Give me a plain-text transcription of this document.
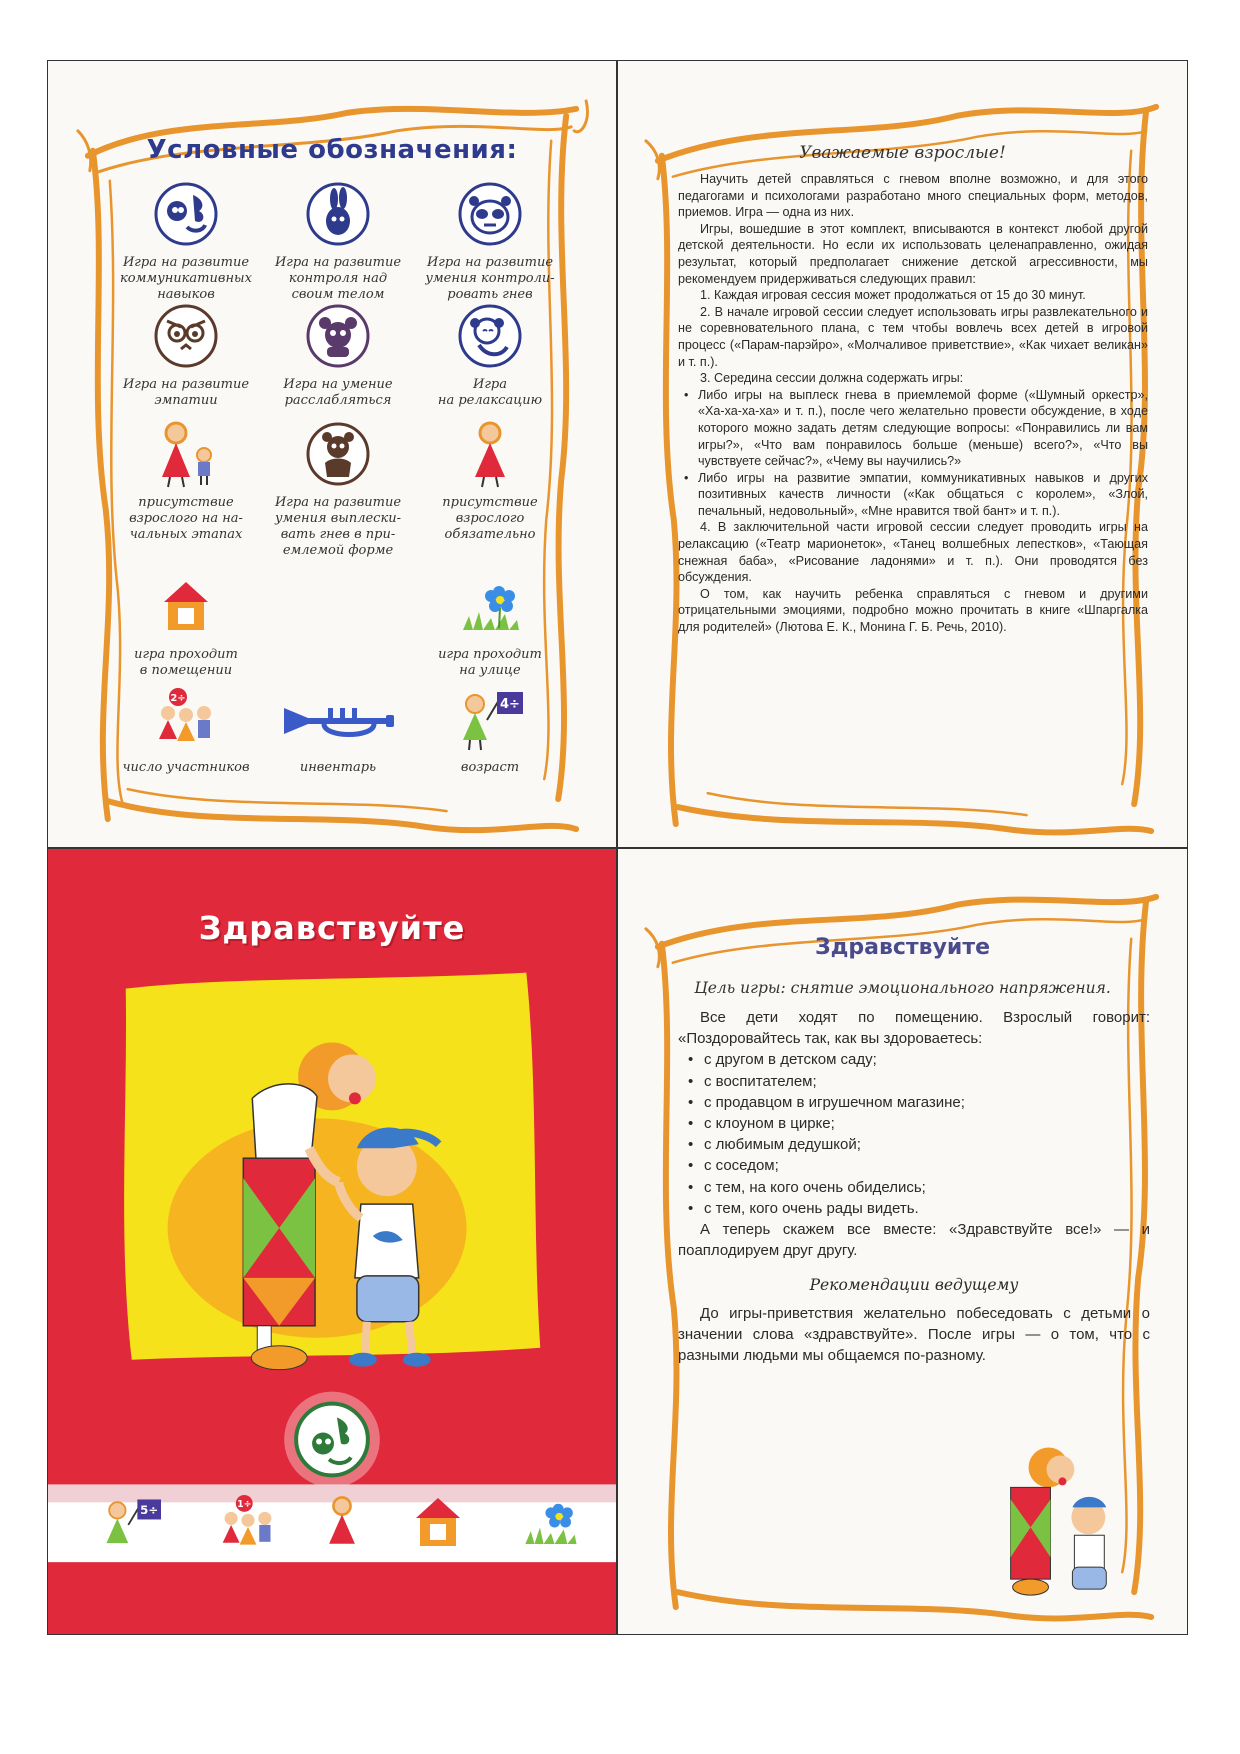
Условные обозначения:
Игра на развитие
коммуникативных
навыков
Игра на развитие
контроля над
своим телом
Игра на развитие
умения контроли-
ровать гнев
Игра на развитие
эмпатии
Игра на умение
расслабляться
Игра
на релаксацию
присутствие
взрослого на на-
чальных этапах
Игра на развитие
умения выплески-
вать гнев в при-
емлемой форме
присутствие
взрослого
обязательно
игра проходит
в помещении
игра проходит
на улице
2÷
число участников	инвентарь
4÷
возраст
Уважаемые взрослые!

Научить детей справляться с гневом вполне возможно, и для этого педагогами и психологами разработано много специальных форм, методов, приемов. Игра — одна из них.

Игры, вошедшие в этот комплект, вписываются в контекст любой другой детской деятельности. Но если их использовать целенаправленно, ожидая результат, который предполагает снижение детской агрессивности, мы рекомендуем придерживаться следующих правил:

1. Каждая игровая сессия может продолжаться от 15 до 30 минут.

2. В начале игровой сессии следует использовать игры развлекательного и не соревновательного плана, с тем чтобы вовлечь всех детей в игровой процесс («Парам-парэйро», «Молчаливое приветствие», «Как чихает великан» и т. п.).

3. Середина сессии должна содержать игры:

• Либо игры на выплеск гнева в приемлемой форме («Шумный оркестр», «Ха-ха-ха-ха» и т. п.), после чего желательно провести обсуждение, в ходе которого можно задать детям следующие вопросы: «Понравились ли вам игры?», «Что вам понравилось больше (меньше) всего?», «Что вы чувствуете сейчас?», «Чему вы научились?»
• Либо игры на развитие эмпатии, коммуникативных навыков и других позитивных качеств личности («Как общаться с королем», «Злой, печальный, недовольный», «Мне нравится твой бант» и т. п.).

4. В заключительной части игровой сессии следует проводить игры на релаксацию («Театр марионеток», «Танец волшебных лепестков», «Тающая снежная баба», «Рисование ладонями» и т. п.). Они проводятся без обсуждения.

О том, как научить ребенка справляться с гневом и другими отрицательными эмоциями, подробно можно прочитать в книге «Шпаргалка для родителей» (Лютова Е. К., Монина Г. Б. Речь, 2010).

Здравствуйте
5÷	1÷
Здравствуйте
Цель игры: снятие эмоционального напряжения.

Все дети ходят по помещению. Взрослый говорит: «Поздоровайтесь так, как вы здороваетесь:

• с другом в детском саду;
• с воспитателем;
• с продавцом в игрушечном магазине;
• с клоуном в цирке;
• с любимым дедушкой;
• с соседом;
• с тем, на кого очень обиделись;
• с тем, кого очень рады видеть.

А теперь скажем все вместе: «Здравствуйте все!» — и поаплодируем друг другу.

Рекомендации ведущему

До игры-приветствия желательно побеседовать с детьми о значении слова «здравствуйте». После игры — о том, что с разными людьми мы общаемся по-разному.
